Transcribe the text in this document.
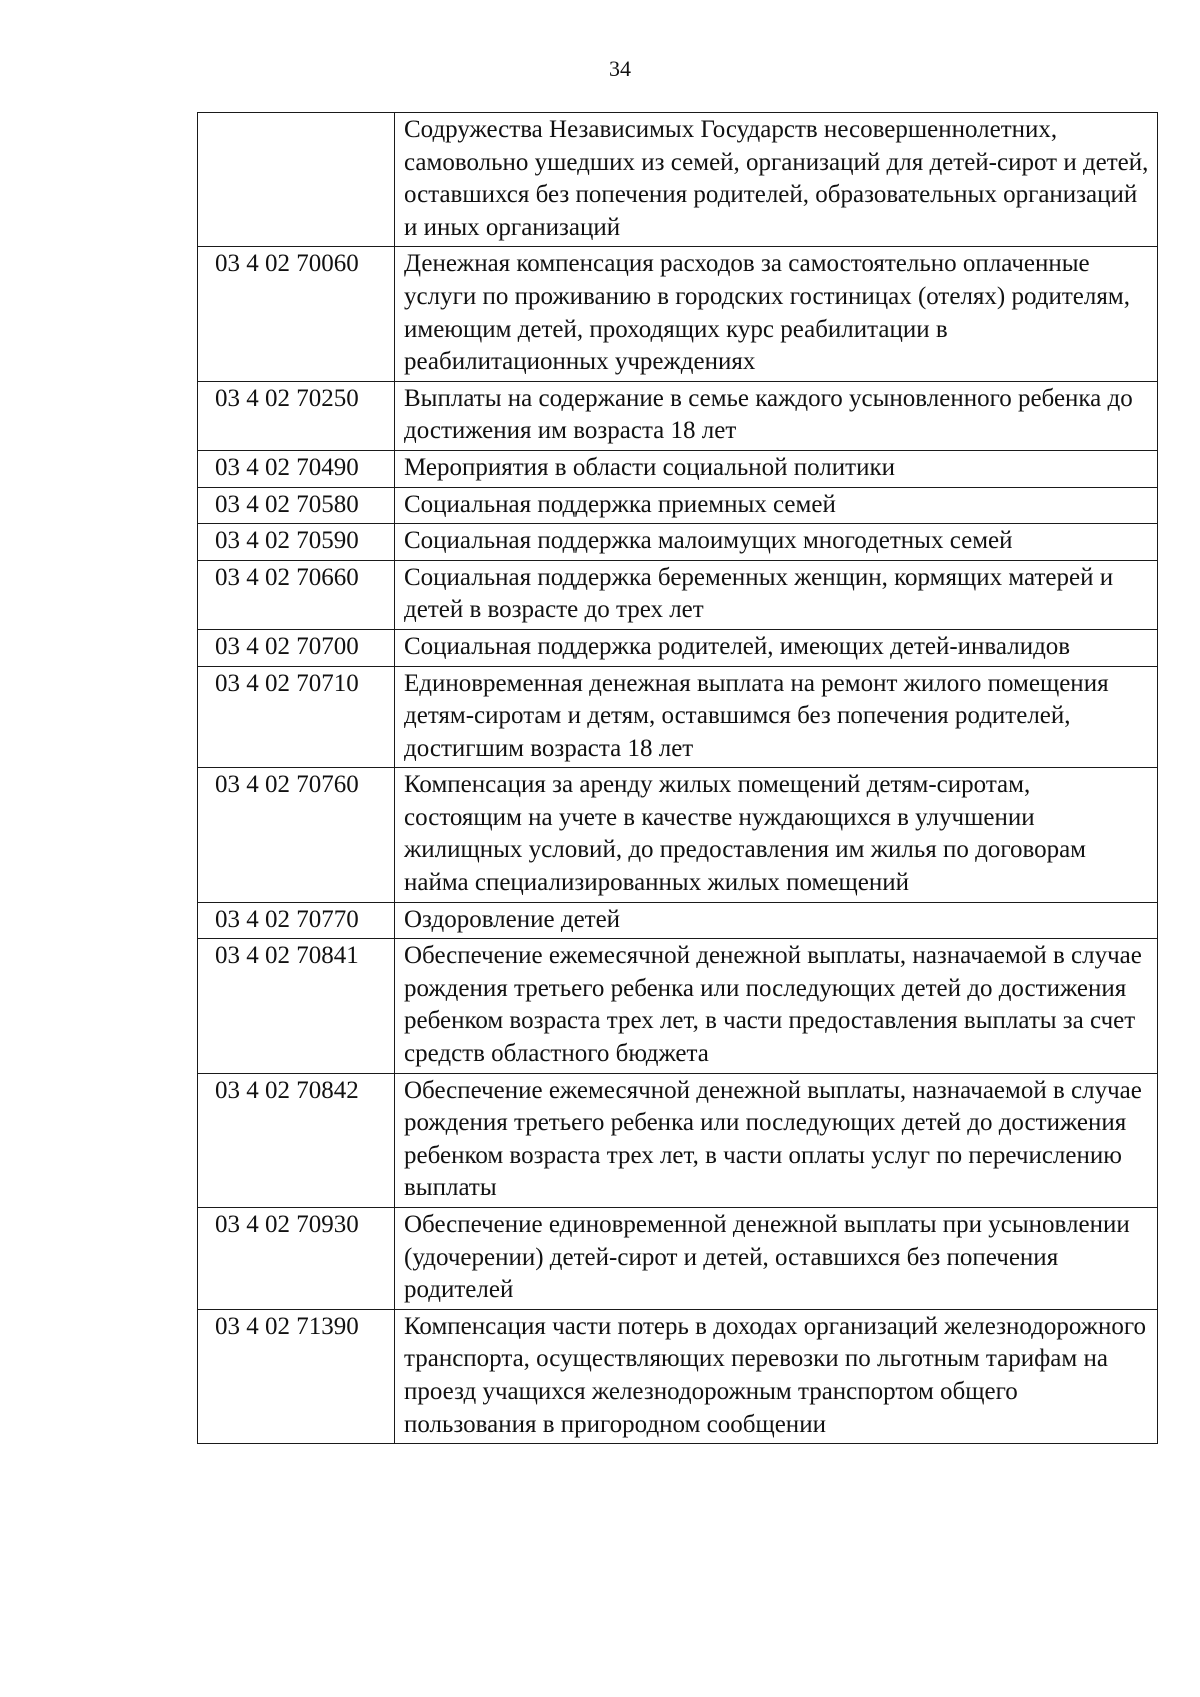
34
	Содружества Независимых Государств несовершеннолетних, самовольно ушедших из семей, организаций для детей-сирот и детей, оставшихся без попечения родителей, образовательных организаций и иных организаций
03 4 02 70060	Денежная компенсация расходов за самостоятельно оплаченные услуги по проживанию в городских гостиницах (отелях) родителям, имеющим детей, проходящих курс реабилитации в реабилитационных учреждениях
03 4 02 70250	Выплаты на содержание в семье каждого усыновленного ребенка до достижения им возраста 18 лет
03 4 02 70490	Мероприятия в области социальной политики
03 4 02 70580	Социальная поддержка приемных семей
03 4 02 70590	Социальная поддержка малоимущих многодетных семей
03 4 02 70660	Социальная поддержка беременных женщин, кормящих матерей и детей в возрасте до трех лет
03 4 02 70700	Социальная поддержка родителей, имеющих детей-инвалидов
03 4 02 70710	Единовременная денежная выплата на ремонт жилого помещения детям-сиротам и детям, оставшимся без попечения родителей, достигшим возраста 18 лет
03 4 02 70760	Компенсация за аренду жилых помещений детям-сиротам, состоящим на учете в качестве нуждающихся в улучшении жилищных условий, до предоставления им жилья по договорам найма специализированных жилых помещений
03 4 02 70770	Оздоровление детей
03 4 02 70841	Обеспечение ежемесячной денежной выплаты, назначаемой в случае рождения третьего ребенка или последующих детей до достижения ребенком возраста трех лет, в части предоставления выплаты за счет средств областного бюджета
03 4 02 70842	Обеспечение ежемесячной денежной выплаты, назначаемой в случае рождения третьего ребенка или последующих детей до достижения ребенком возраста трех лет, в части оплаты услуг по перечислению выплаты
03 4 02 70930	Обеспечение единовременной денежной выплаты при усыновлении (удочерении) детей-сирот и детей, оставшихся без попечения родителей
03 4 02 71390	Компенсация части потерь в доходах организаций железнодорожного транспорта, осуществляющих перевозки по льготным тарифам на проезд учащихся железнодорожным транспортом общего пользования в пригородном сообщении
